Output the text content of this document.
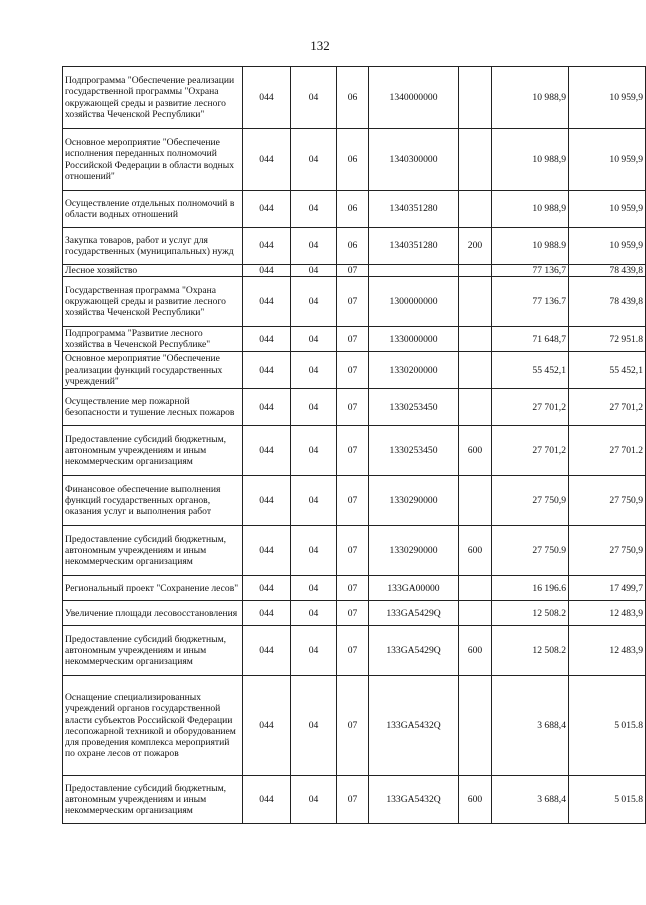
132
Подпрограмма "Обеспечение реализации государственной программы "Охрана окружающей среды и развитие лесного хозяйства Чеченской Республики"	044	04	06	1340000000		10 988,9	10 959,9
Основное мероприятие "Обеспечение исполнения переданных полномочий Российской Федерации в области водных отношений"	044	04	06	1340300000		10 988,9	10 959,9
Осуществление отдельных полномочий в области водных отношений	044	04	06	1340351280		10 988,9	10 959,9
Закупка товаров, работ и услуг для государственных (муниципальных) нужд	044	04	06	1340351280	200	10 988.9	10 959,9
Лесное хозяйство	044	04	07			77 136,7	78 439,8
Государственная программа "Охрана окружающей среды и развитие лесного хозяйства Чеченской Республики"	044	04	07	1300000000		77 136.7	78 439,8
Подпрограмма "Развитие лесного хозяйства в Чеченской Республике"	044	04	07	1330000000		71 648,7	72 951.8
Основное мероприятие "Обеспечение реализации функций государственных учреждений"	044	04	07	1330200000		55 452,1	55 452,1
Осуществление мер пожарной безопасности и тушение лесных пожаров	044	04	07	1330253450		27 701,2	27 701,2
Предоставление субсидий бюджетным, автономным учреждениям и иным некоммерческим организациям	044	04	07	1330253450	600	27 701,2	27 701.2
Финансовое обеспечение выполнения функций государственных органов, оказания услуг и выполнения работ	044	04	07	1330290000		27 750,9	27 750,9
Предоставление субсидий бюджетным, автономным учреждениям и иным некоммерческим организациям	044	04	07	1330290000	600	27 750.9	27 750,9
Региональный проект "Сохранение лесов"	044	04	07	133GA00000		16 196.6	17 499,7
Увеличение площади лесовосстановления	044	04	07	133GA5429Q		12 508.2	12 483,9
Предоставление субсидий бюджетным, автономным учреждениям и иным некоммерческим организациям	044	04	07	133GA5429Q	600	12 508.2	12 483,9
Оснащение специализированных учреждений органов государственной власти субъектов Российской Федерации лесопожарной техникой и оборудованием для проведения комплекса мероприятий по охране лесов от пожаров	044	04	07	133GA5432Q		3 688,4	5 015.8
Предоставление субсидий бюджетным, автономным учреждениям и иным некоммерческим организациям	044	04	07	133GA5432Q	600	3 688,4	5 015.8
